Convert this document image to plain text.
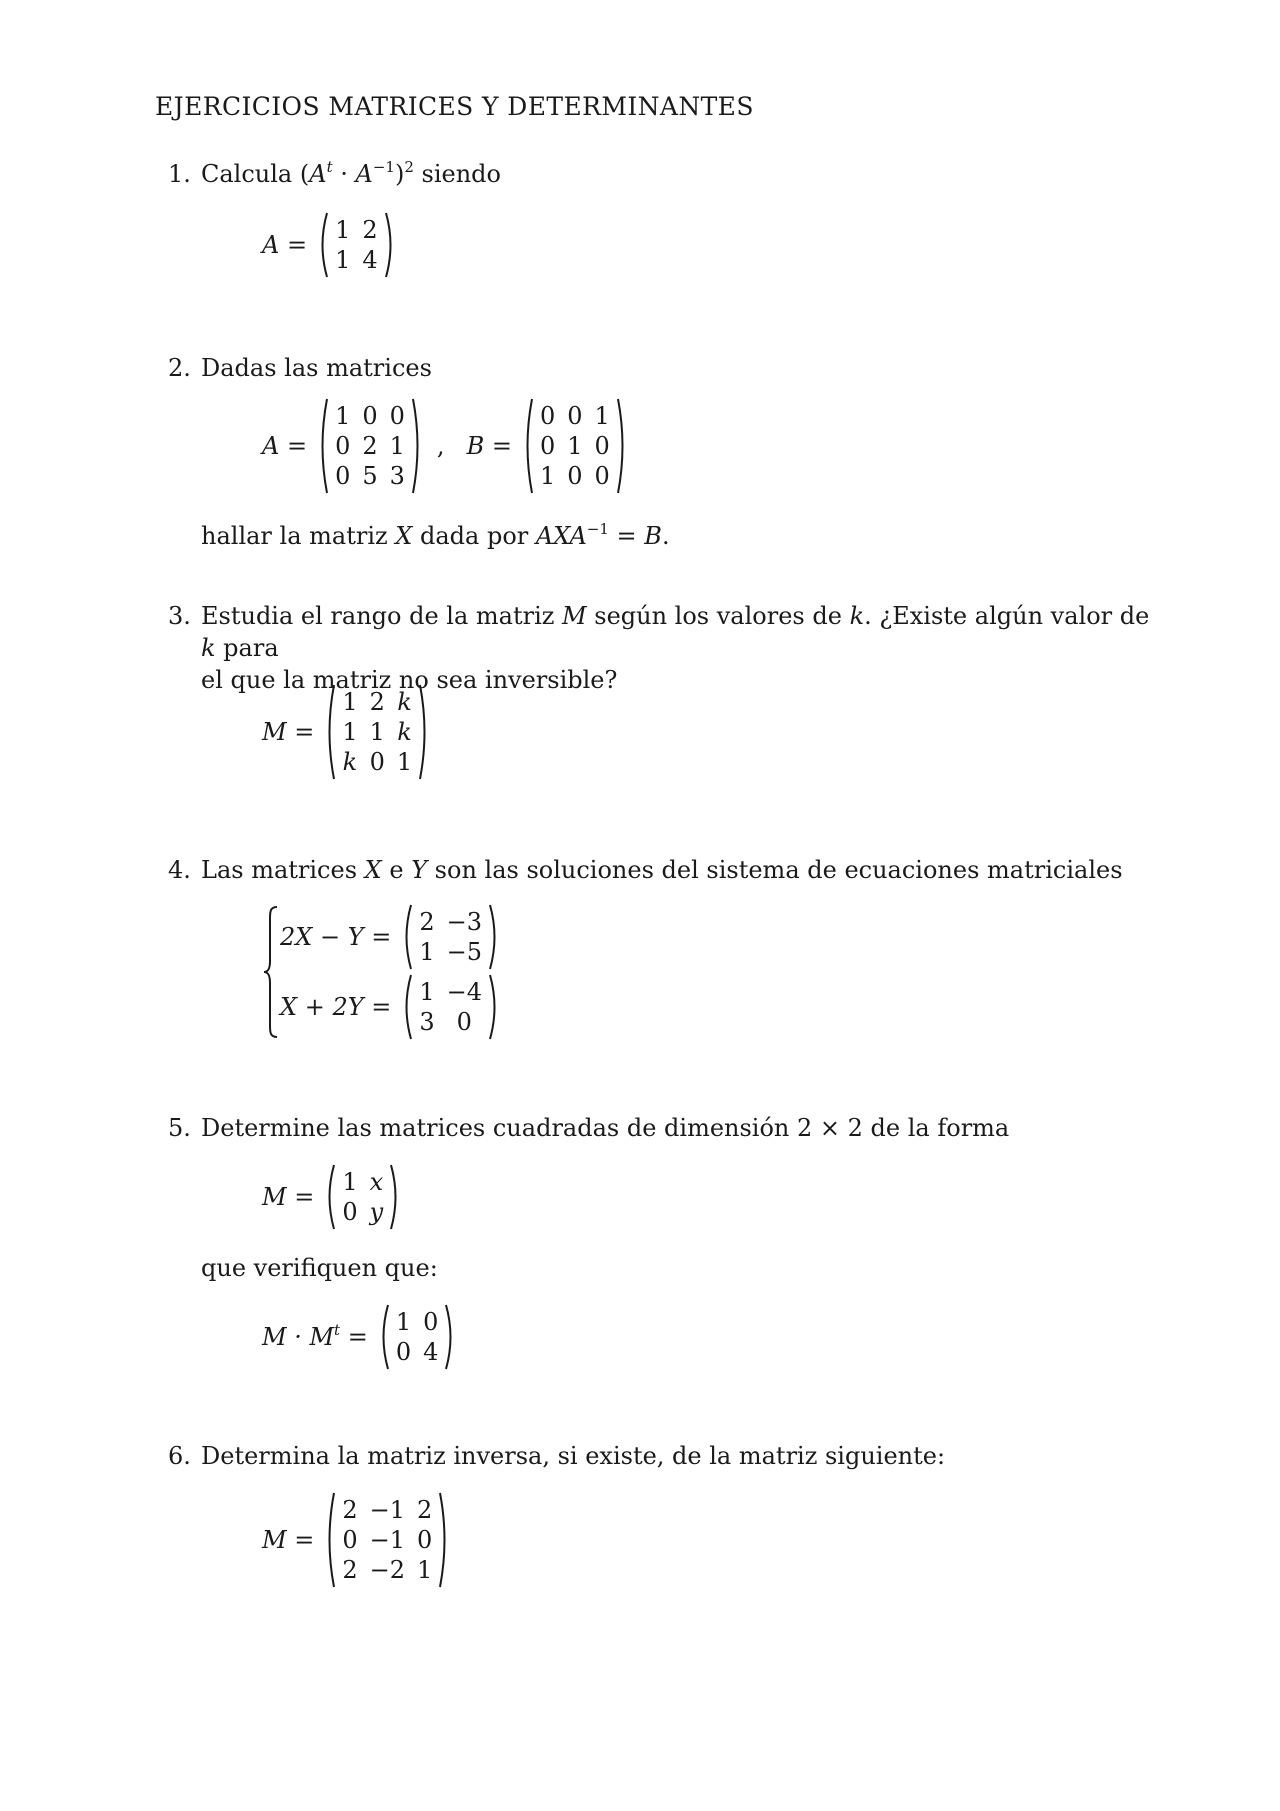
EJERCICIOS MATRICES Y DETERMINANTES
1. Calcula $(A^t \cdot A^{-1})^2$ siendo
A =
1	2
1	4
2. Dadas las matrices
A =
1	0	0
0	2	1
0	5	3
, B =
0	0	1
0	1	0
1	0	0
hallar la matriz X dada por $AXA^{-1} = B$.
3. Estudia el rango de la matriz M según los valores de k. ¿Existe algún valor de k para
el que la matriz no sea inversible?
M =
1	2	k
1	1	k
k	0	1
4. Las matrices X e Y son las soluciones del sistema de ecuaciones matriciales
2X − Y =
2	−3
1	−5
X + 2Y =
1	−4
3	0
5. Determine las matrices cuadradas de dimensión 2 × 2 de la forma
M =
1	x
0	y
que verifiquen que:
$M \cdot M^t$ =
1	0
0	4
6. Determina la matriz inversa, si existe, de la matriz siguiente:
M =
2	−1	2
0	−1	0
2	−2	1
